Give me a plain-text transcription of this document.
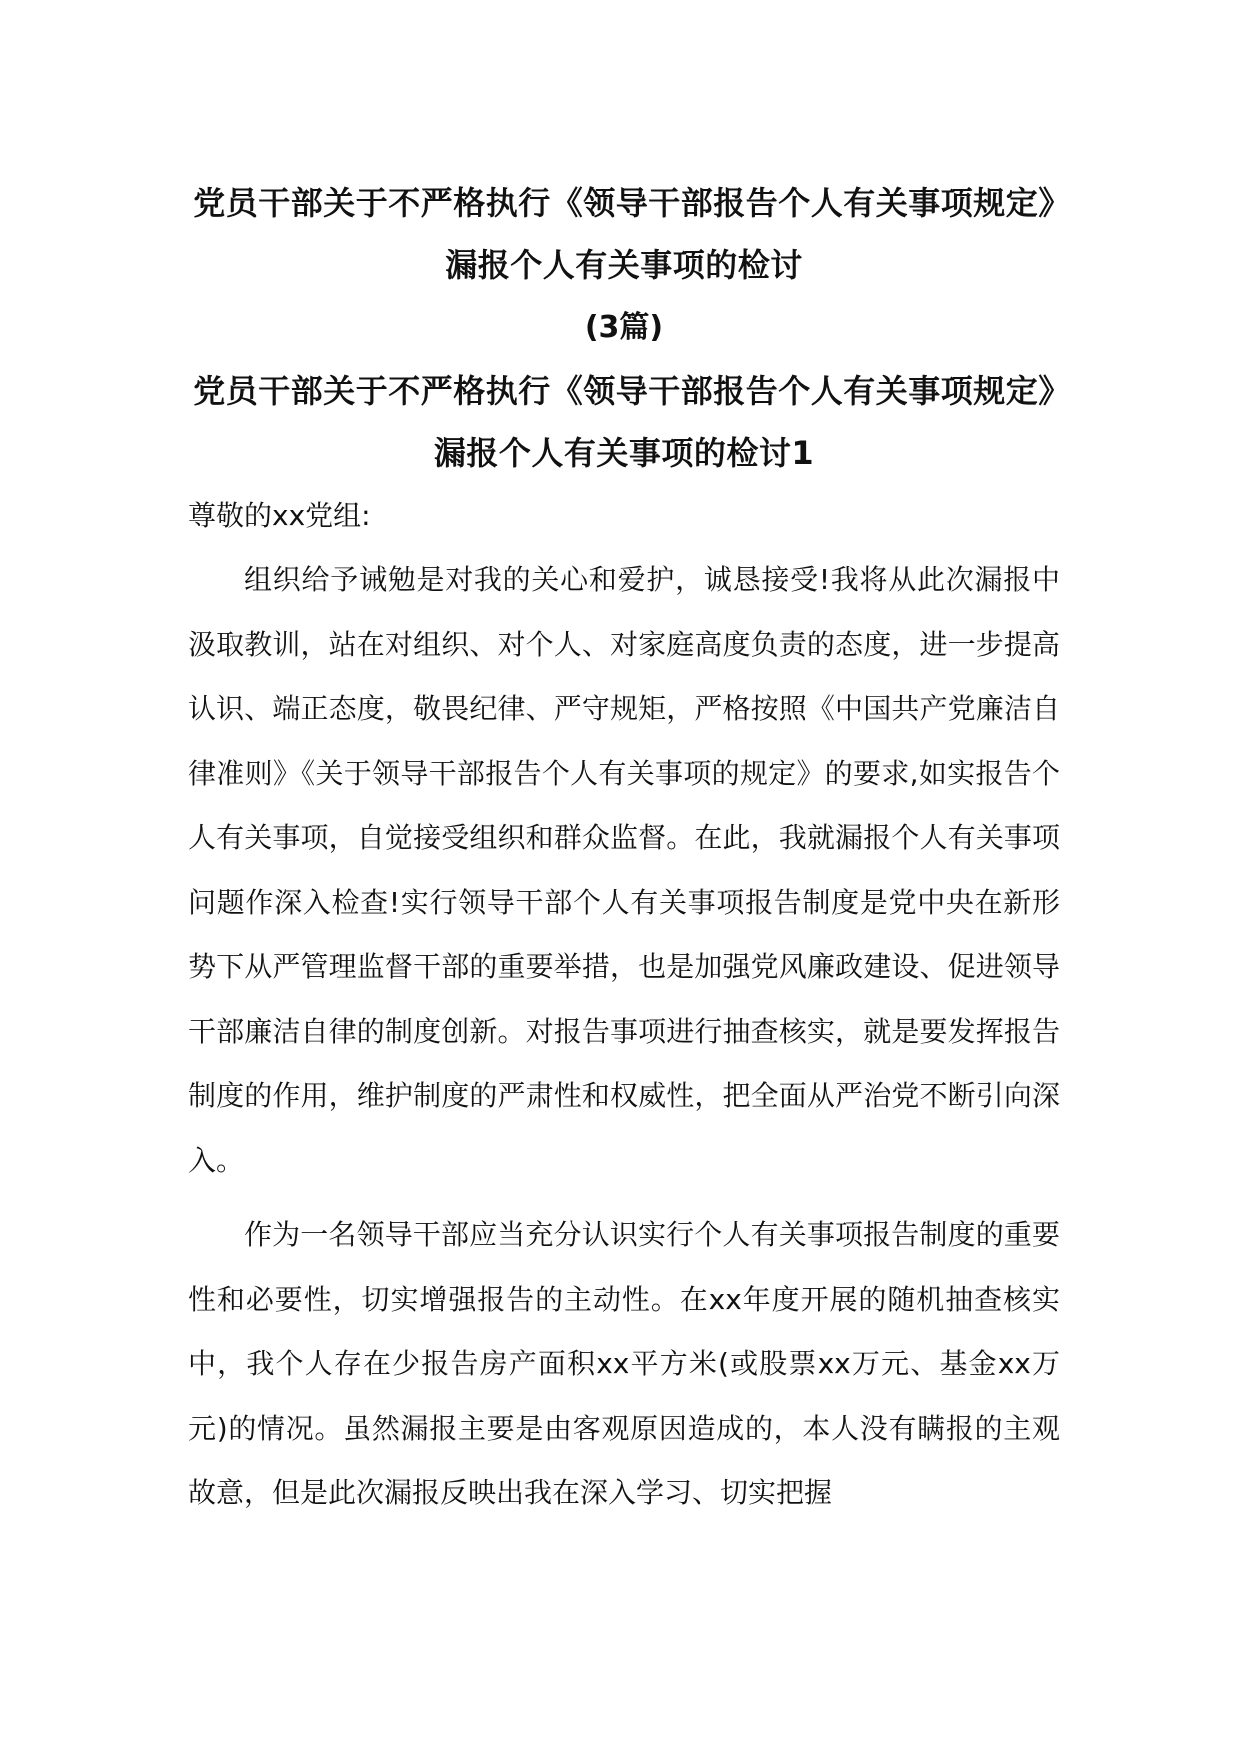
党员干部关于不严格执行《领导干部报告个人有关事项规定》漏报个人有关事项的检讨
(3篇)
党员干部关于不严格执行《领导干部报告个人有关事项规定》漏报个人有关事项的检讨1

尊敬的xx党组:

组织给予诫勉是对我的关心和爱护，诚恳接受!我将从此次漏报中汲取教训，站在对组织、对个人、对家庭高度负责的态度，进一步提高认识、端正态度，敬畏纪律、严守规矩，严格按照《中国共产党廉洁自律准则》《关于领导干部报告个人有关事项的规定》的要求,如实报告个人有关事项，自觉接受组织和群众监督。在此，我就漏报个人有关事项问题作深入检查!实行领导干部个人有关事项报告制度是党中央在新形势下从严管理监督干部的重要举措，也是加强党风廉政建设、促进领导干部廉洁自律的制度创新。对报告事项进行抽查核实，就是要发挥报告制度的作用，维护制度的严肃性和权威性，把全面从严治党不断引向深入。

作为一名领导干部应当充分认识实行个人有关事项报告制度的重要性和必要性，切实增强报告的主动性。在xx年度开展的随机抽查核实中，我个人存在少报告房产面积xx平方米(或股票xx万元、基金xx万元)的情况。虽然漏报主要是由客观原因造成的，本人没有瞒报的主观故意，但是此次漏报反映出我在深入学习、切实把握
